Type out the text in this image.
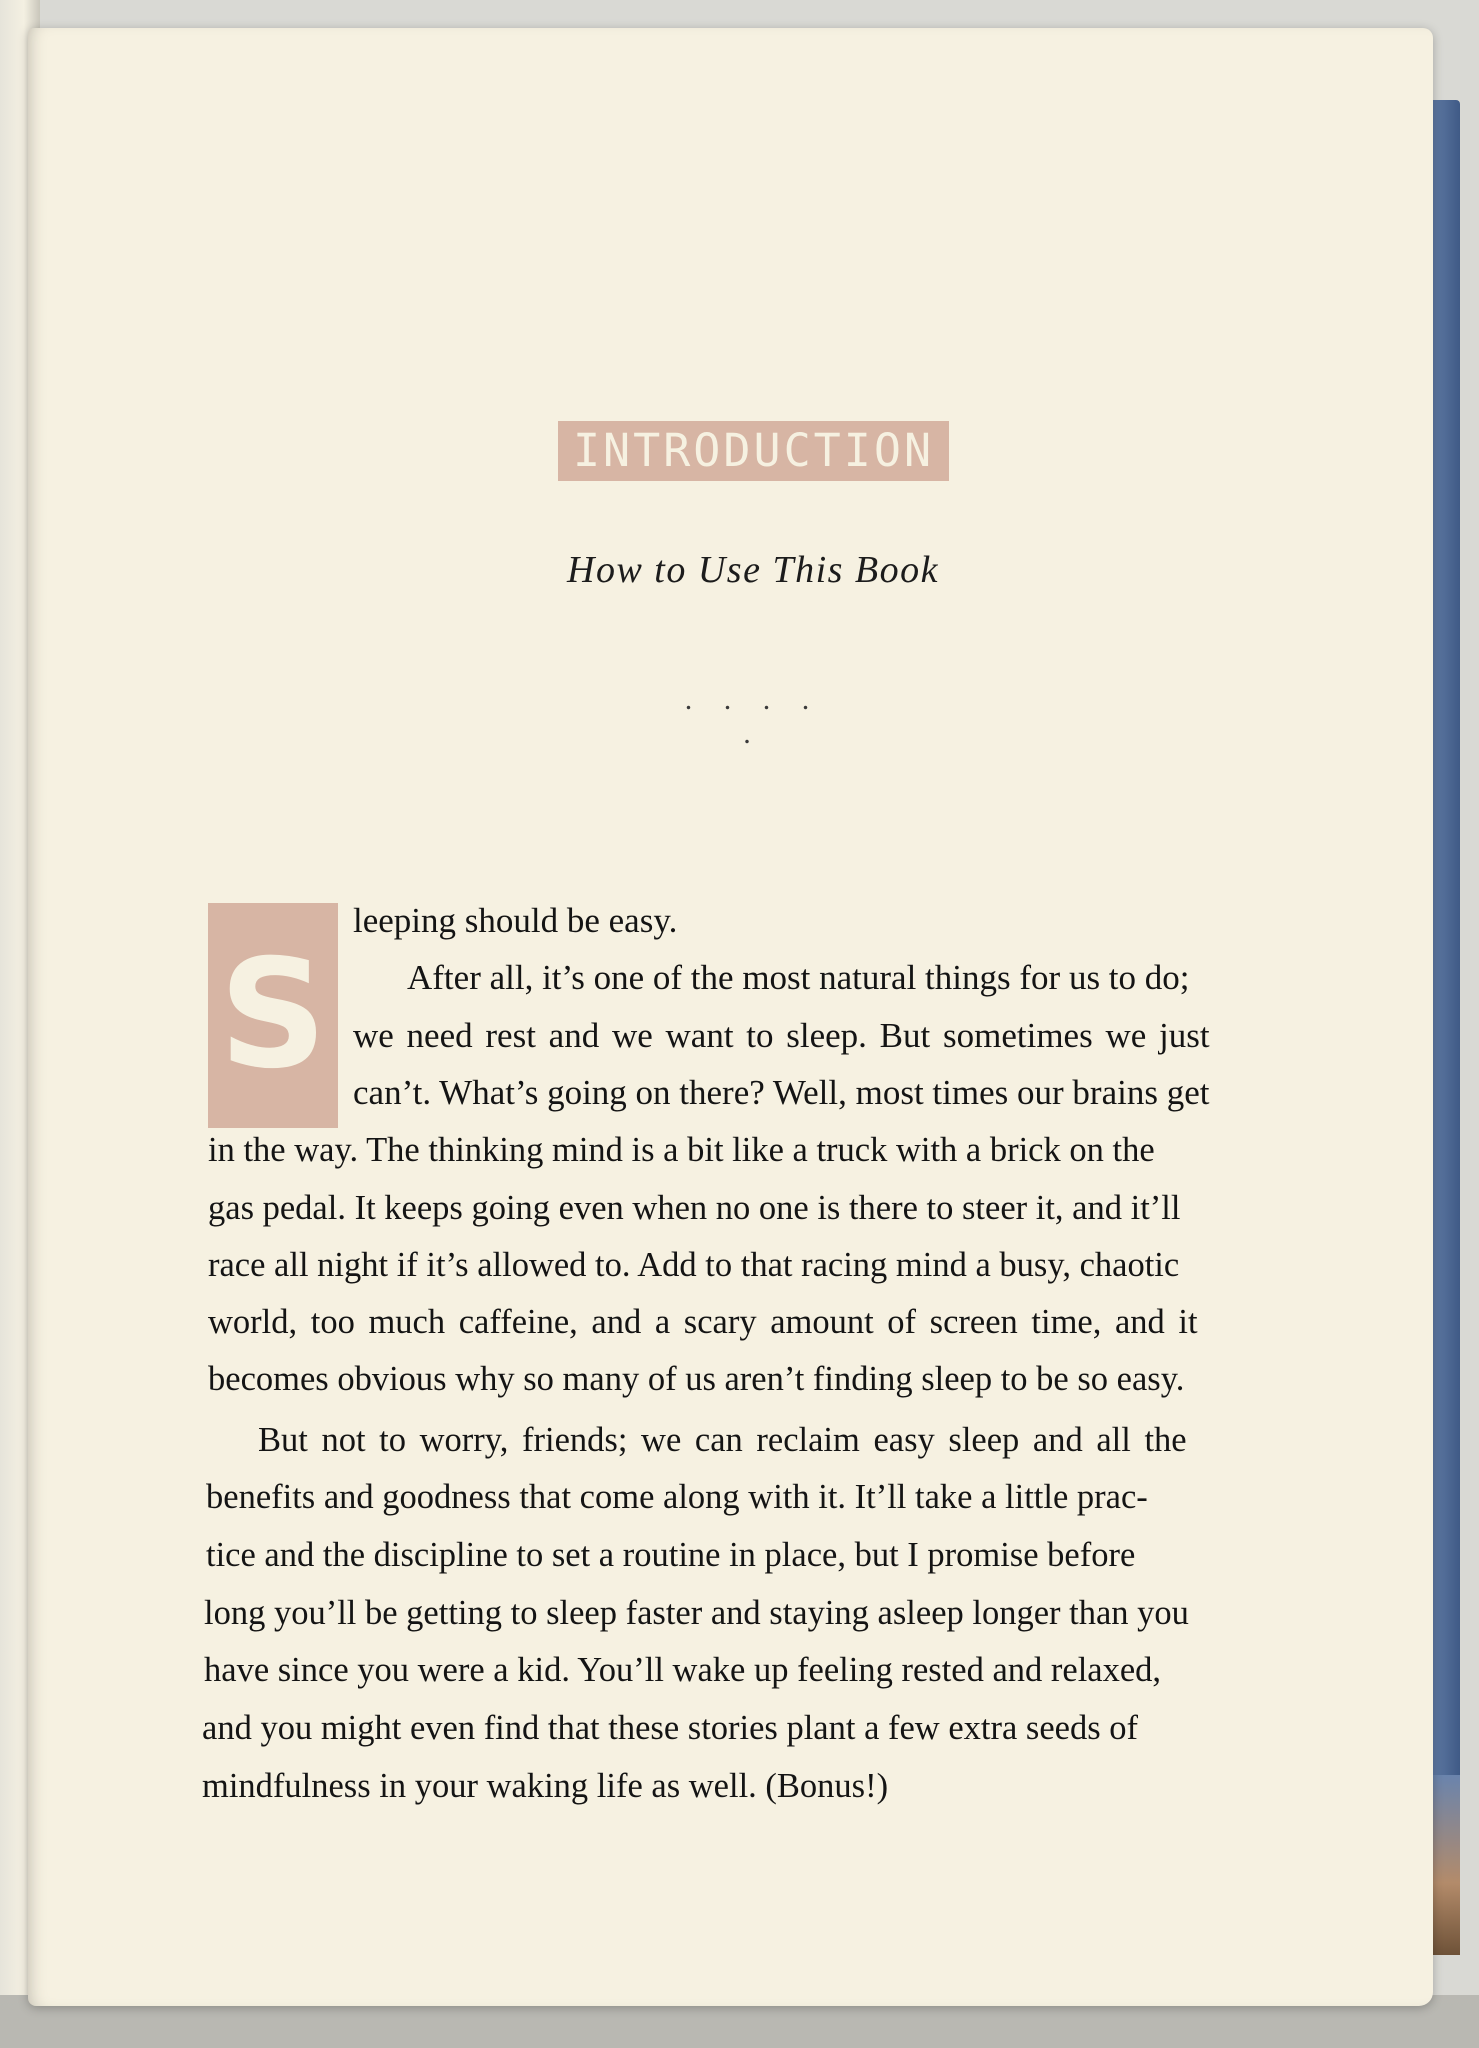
INTRODUCTION
How to Use This Book
. . . . .
S
leeping should be easy.
After all, it’s one of the most natural things for us to do;
we need rest and we want to sleep. But sometimes we just
can’t. What’s going on there? Well, most times our brains get
in the way. The thinking mind is a bit like a truck with a brick on the
gas pedal. It keeps going even when no one is there to steer it, and it’ll
race all night if it’s allowed to. Add to that racing mind a busy, chaotic
world, too much caffeine, and a scary amount of screen time, and it
becomes obvious why so many of us aren’t finding sleep to be so easy.
But not to worry, friends; we can reclaim easy sleep and all the
benefits and goodness that come along with it. It’ll take a little prac-
tice and the discipline to set a routine in place, but I promise before
long you’ll be getting to sleep faster and staying asleep longer than you
have since you were a kid. You’ll wake up feeling rested and relaxed,
and you might even find that these stories plant a few extra seeds of
mindfulness in your waking life as well. (Bonus!)
